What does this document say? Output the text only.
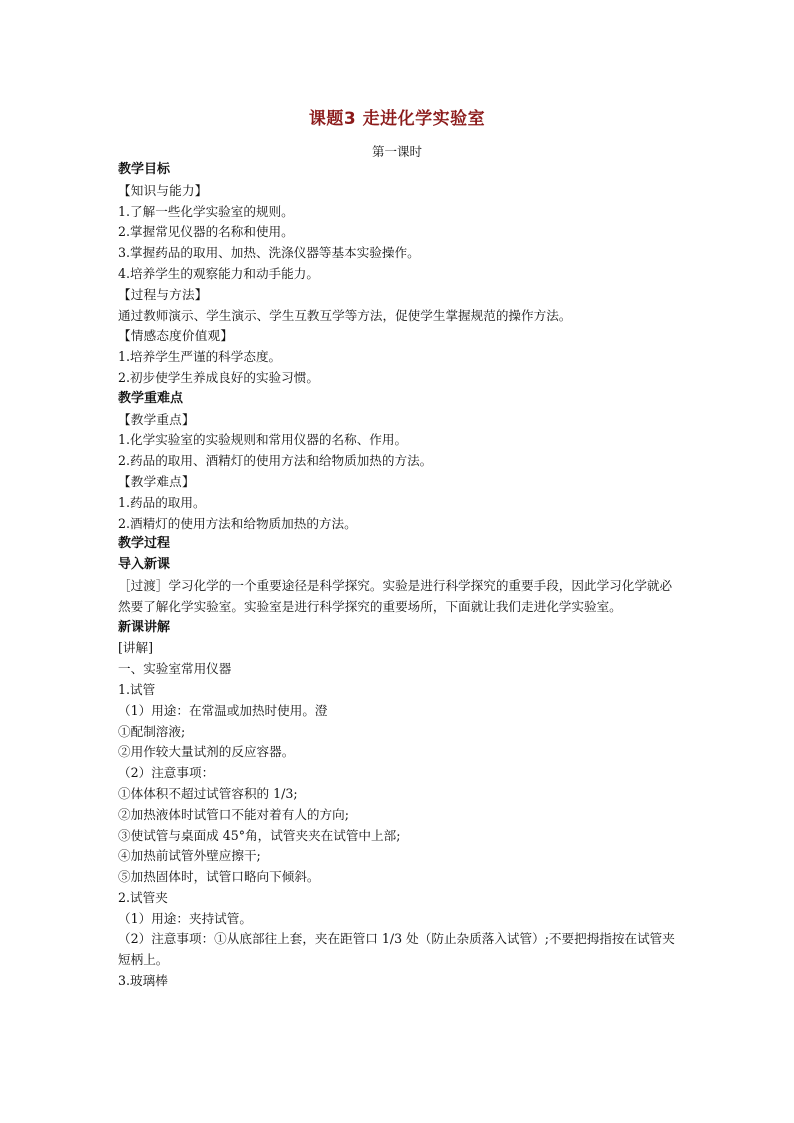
课题3 走进化学实验室
第一课时

教学目标

【知识与能力】

1.了解一些化学实验室的规则。

2.掌握常见仪器的名称和使用。

3.掌握药品的取用、加热、洗涤仪器等基本实验操作。

4.培养学生的观察能力和动手能力。

【过程与方法】

通过教师演示、学生演示、学生互教互学等方法，促使学生掌握规范的操作方法。

【情感态度价值观】

1.培养学生严谨的科学态度。

2.初步使学生养成良好的实验习惯。

教学重难点

【教学重点】

1.化学实验室的实验规则和常用仪器的名称、作用。

2.药品的取用、酒精灯的使用方法和给物质加热的方法。

【教学难点】

1.药品的取用。

2.酒精灯的使用方法和给物质加热的方法。

教学过程

导入新课

［过渡］学习化学的一个重要途径是科学探究。实验是进行科学探究的重要手段，因此学习化学就必然要了解化学实验室。实验室是进行科学探究的重要场所，下面就让我们走进化学实验室。

新课讲解

[讲解]

一、实验室常用仪器

1.试管

（1）用途：在常温或加热时使用。澄

①配制溶液;

②用作较大量试剂的反应容器。

（2）注意事项：

①体体积不超过试管容积的 1/3;

②加热液体时试管口不能对着有人的方向;

③使试管与桌面成 45°角，试管夹夹在试管中上部;

④加热前试管外壁应擦干;

⑤加热固体时，试管口略向下倾斜。

2.试管夹

（1）用途：夹持试管。

（2）注意事项：①从底部往上套，夹在距管口 1/3 处（防止杂质落入试管）;不要把拇指按在试管夹短柄上。

3.玻璃棒
